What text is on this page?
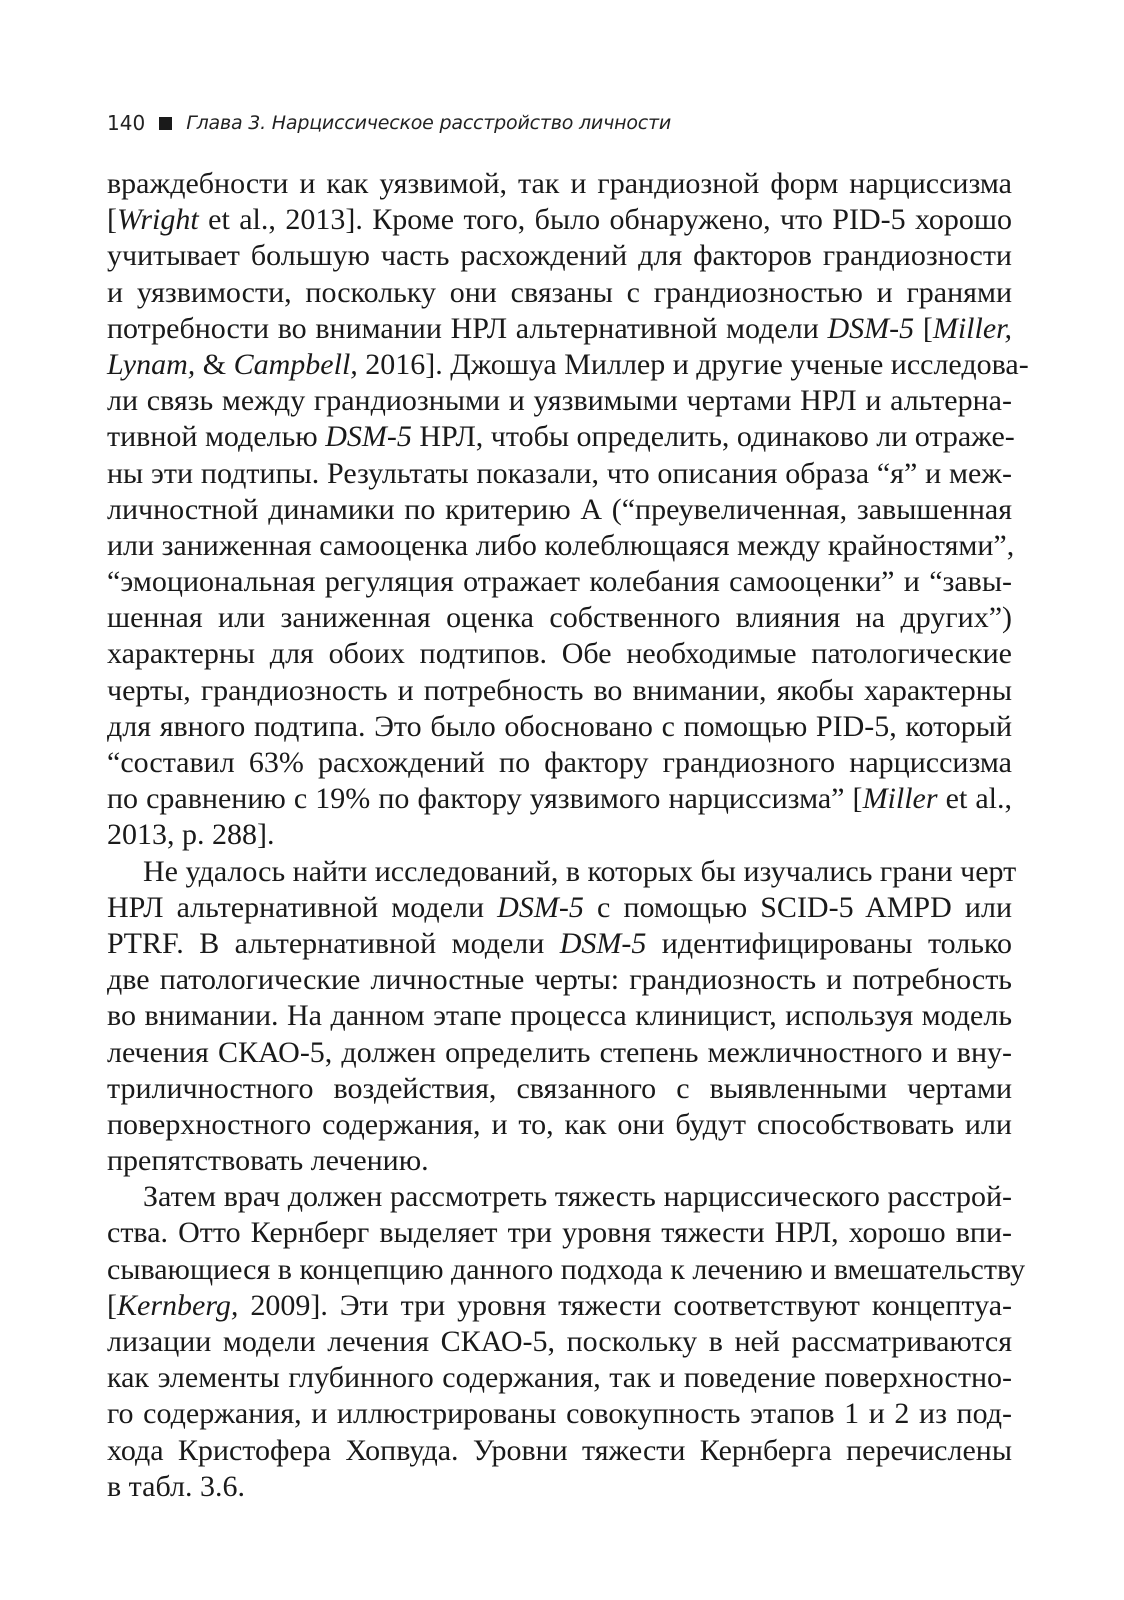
140 Глава 3. Нарциссическое расстройство личности
враждебности и как уязвимой, так и грандиозной форм нарциссизма
[Wright et al., 2013]. Кроме того, было обнаружено, что PID-5 хорошо
учитывает большую часть расхождений для факторов грандиозности
и уязвимости, поскольку они связаны с грандиозностью и гранями
потребности во внимании НРЛ альтернативной модели DSM-5 [Miller,
Lynam, & Campbell, 2016]. Джошуа Миллер и другие ученые исследова-
ли связь между грандиозными и уязвимыми чертами НРЛ и альтерна-
тивной моделью DSM-5 НРЛ, чтобы определить, одинаково ли отраже-
ны эти подтипы. Результаты показали, что описания образа “я” и меж-
личностной динамики по критерию А (“преувеличенная, завышенная
или заниженная самооценка либо колеблющаяся между крайностями”,
“эмоциональная регуляция отражает колебания самооценки” и “завы-
шенная или заниженная оценка собственного влияния на других”)
характерны для обоих подтипов. Обе необходимые патологические
черты, грандиозность и потребность во внимании, якобы характерны
для явного подтипа. Это было обосновано с помощью PID-5, который
“составил 63% расхождений по фактору грандиозного нарциссизма
по сравнению с 19% по фактору уязвимого нарциссизма” [Miller et al.,
2013, p. 288].
Не удалось найти исследований, в которых бы изучались грани черт
НРЛ альтернативной модели DSM-5 с помощью SCID-5 AMPD или
PTRF. В альтернативной модели DSM-5 идентифицированы только
две патологические личностные черты: грандиозность и потребность
во внимании. На данном этапе процесса клиницист, используя модель
лечения СКАО-5, должен определить степень межличностного и вну-
триличностного воздействия, связанного с выявленными чертами
поверхностного содержания, и то, как они будут способствовать или
препятствовать лечению.
Затем врач должен рассмотреть тяжесть нарциссического расстрой-
ства. Отто Кернберг выделяет три уровня тяжести НРЛ, хорошо впи-
сывающиеся в концепцию данного подхода к лечению и вмешательству
[Kernberg, 2009]. Эти три уровня тяжести соответствуют концептуа-
лизации модели лечения СКАО-5, поскольку в ней рассматриваются
как элементы глубинного содержания, так и поведение поверхностно-
го содержания, и иллюстрированы совокупность этапов 1 и 2 из под-
хода Кристофера Хопвуда. Уровни тяжести Кернберга перечислены
в табл. 3.6.
